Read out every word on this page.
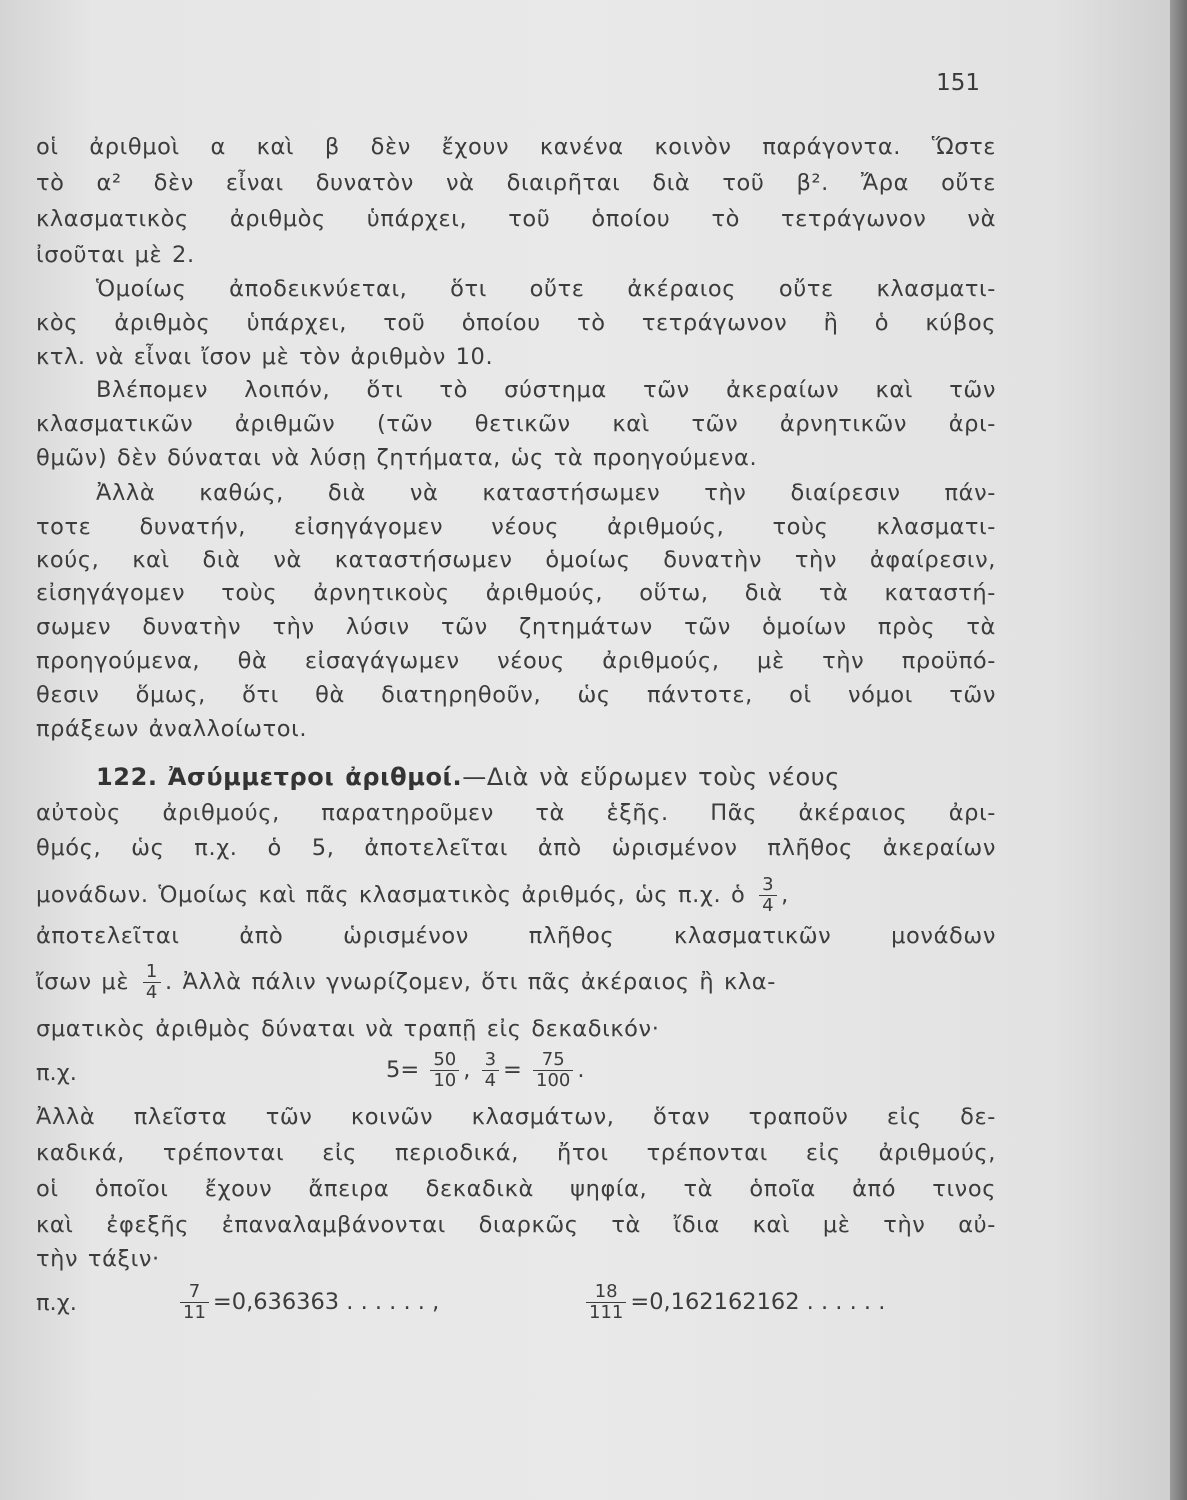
151
οἱ ἀριθμοὶ α καὶ β δὲν ἔχουν κανένα κοινὸν παράγοντα. Ὥστε
τὸ α² δὲν εἶναι δυνατὸν νὰ διαιρῆται διὰ τοῦ β². Ἄρα οὔτε
κλασματικὸς ἀριθμὸς ὑπάρχει, τοῦ ὁποίου τὸ τετράγωνον νὰ
ἰσοῦται μὲ 2.
Ὁμοίως ἀποδεικνύεται, ὅτι οὔτε ἀκέραιος οὔτε κλασματι-
κὸς ἀριθμὸς ὑπάρχει, τοῦ ὁποίου τὸ τετράγωνον ἢ ὁ κύβος
κτλ. νὰ εἶναι ἴσον μὲ τὸν ἀριθμὸν 10.
Βλέπομεν λοιπόν, ὅτι τὸ σύστημα τῶν ἀκεραίων καὶ τῶν
κλασματικῶν ἀριθμῶν (τῶν θετικῶν καὶ τῶν ἀρνητικῶν ἀρι-
θμῶν) δὲν δύναται νὰ λύσῃ ζητήματα, ὡς τὰ προηγούμενα.
Ἀλλὰ καθώς, διὰ νὰ καταστήσωμεν τὴν διαίρεσιν πάν-
τοτε δυνατήν, εἰσηγάγομεν νέους ἀριθμούς, τοὺς κλασματι-
κούς, καὶ διὰ νὰ καταστήσωμεν ὁμοίως δυνατὴν τὴν ἀφαίρεσιν,
εἰσηγάγομεν τοὺς ἀρνητικοὺς ἀριθμούς, οὕτω, διὰ τὰ καταστή-
σωμεν δυνατὴν τὴν λύσιν τῶν ζητημάτων τῶν ὁμοίων πρὸς τὰ
προηγούμενα, θὰ εἰσαγάγωμεν νέους ἀριθμούς, μὲ τὴν προϋπό-
θεσιν ὅμως, ὅτι θὰ διατηρηθοῦν, ὡς πάντοτε, οἱ νόμοι τῶν
πράξεων ἀναλλοίωτοι.
122. Ἀσύμμετροι ἀριθμοί.—Διὰ νὰ εὕρωμεν τοὺς νέους
αὐτοὺς ἀριθμούς, παρατηροῦμεν τὰ ἑξῆς. Πᾶς ἀκέραιος ἀρι-
θμός, ὡς π.χ. ὁ 5, ἀποτελεῖται ἀπὸ ὡρισμένον πλῆθος ἀκεραίων
μονάδων. Ὁμοίως καὶ πᾶς κλασματικὸς ἀριθμός, ὡς π.χ. ὁ $\frac{3}{4}$ ,
ἀποτελεῖται ἀπὸ ὡρισμένον πλῆθος κλασματικῶν μονάδων
ἴσων μὲ $\frac{1}{4}$ . Ἀλλὰ πάλιν γνωρίζομεν, ὅτι πᾶς ἀκέραιος ἢ κλα-
σματικὸς ἀριθμὸς δύναται νὰ τραπῇ εἰς δεκαδικόν·
π.χ.	$5= \frac{50}{10}$ , $\frac{3}{4} = \frac{75}{100}$ .
Ἀλλὰ πλεῖστα τῶν κοινῶν κλασμάτων, ὅταν τραποῦν εἰς δε-
καδικά, τρέπονται εἰς περιοδικά, ἤτοι τρέπονται εἰς ἀριθμούς,
οἱ ὁποῖοι ἔχουν ἄπειρα δεκαδικὰ ψηφία, τὰ ὁποῖα ἀπό τινος
καὶ ἐφεξῆς ἐπαναλαμβάνονται διαρκῶς τὰ ἴδια καὶ μὲ τὴν αὐ-
τὴν τάξιν·
π.χ.	$\frac{7}{11} =0,636363$ . . . . . . ,	$\frac{18}{111} =0,162162162$ . . . . . .
